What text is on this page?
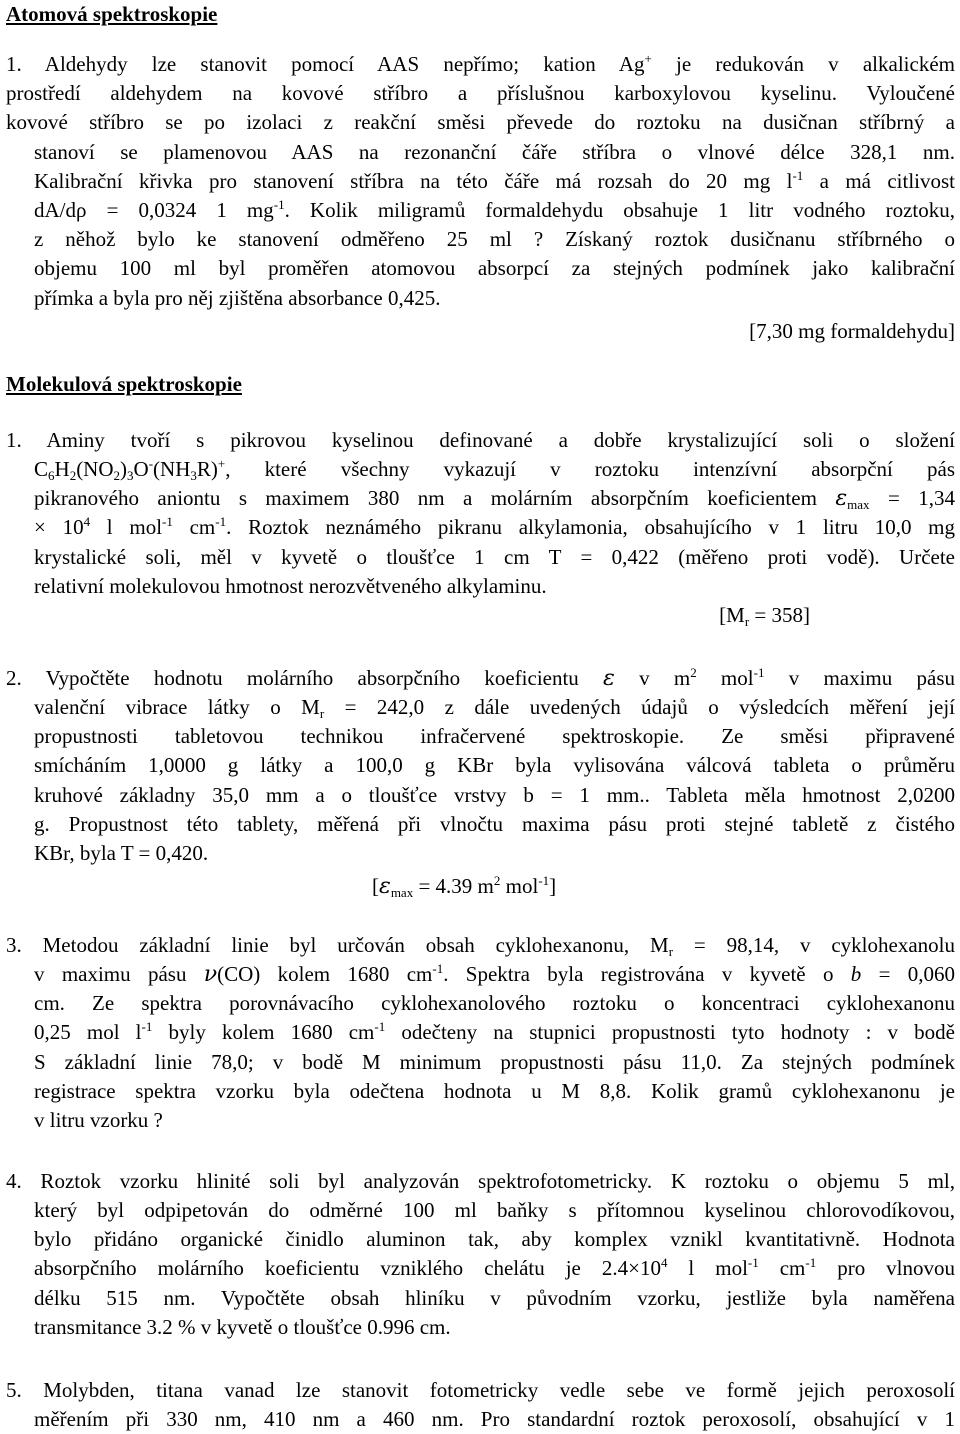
Atomová spektroskopie
1. Aldehydy lze stanovit pomocí AAS nepřímo; kation Ag+ je redukován v alkalickém
prostředí aldehydem na kovové stříbro a příslušnou karboxylovou kyselinu. Vyloučené
kovové stříbro se po izolaci z reakční směsi převede do roztoku na dusičnan stříbrný a
stanoví se plamenovou AAS na rezonanční čáře stříbra o vlnové délce 328,1 nm.
Kalibrační křivka pro stanovení stříbra na této čáře má rozsah do 20 mg $l^{-1}$ a má citlivost
dA/dρ = 0,0324 1 $mg^{-1}$. Kolik miligramů formaldehydu obsahuje 1 litr vodného roztoku,
z něhož bylo ke stanovení odměřeno 25 ml ? Získaný roztok dusičnanu stříbrného o
objemu 100 ml byl proměřen atomovou absorpcí za stejných podmínek jako kalibrační
přímka a byla pro něj zjištěna absorbance 0,425.
[7,30 mg formaldehydu]
Molekulová spektroskopie
1. Aminy tvoří s pikrovou kyselinou definované a dobře krystalizující soli o složení
$C_6H_2(NO_2)_3O^-(NH_3R)^+$, které všechny vykazují v roztoku intenzívní absorpční pás
pikranového aniontu s maximem 380 nm a molárním absorpčním koeficientem $\varepsilon_{max} = 1,34$
× $10^4$ l mol$^{-1}$ $cm^{-1}$. Roztok neznámého pikranu alkylamonia, obsahujícího v 1 litru 10,0 mg
krystalické soli, měl v kyvetě o tloušťce 1 cm T = 0,422 (měřeno proti vodě). Určete
relativní molekulovou hmotnost nerozvětveného alkylaminu.
$[M_r = 358]$
2. Vypočtěte hodnotu molárního absorpčního koeficientu ε v $m^2$ mol$^{-1}$ v maximu pásu
valenční vibrace látky o $M_r = 242,0$ z dále uvedených údajů o výsledcích měření její
propustnosti tabletovou technikou infračervené spektroskopie. Ze směsi připravené
smícháním 1,0000 g látky a 100,0 g KBr byla vylisována válcová tableta o průměru
kruhové základny 35,0 mm a o tloušťce vrstvy b = 1 mm.. Tableta měla hmotnost 2,0200
g. Propustnost této tablety, měřená při vlnočtu maxima pásu proti stejné tabletě z čistého
KBr, byla T = 0,420.
[$\varepsilon_{max} = 4.39$ $m^2$ mol$^{-1}$]
3. Metodou základní linie byl určován obsah cyklohexanonu, $M_r = 98,14$, v cyklohexanolu
v maximu pásu ν(CO) kolem 1680 $cm^{-1}$. Spektra byla registrována v kyvetě o b = 0,060
cm. Ze spektra porovnávacího cyklohexanolového roztoku o koncentraci cyklohexanonu
0,25 mol $l^{-1}$ byly kolem 1680 $cm^{-1}$ odečteny na stupnici propustnosti tyto hodnoty : v bodě
S základní linie 78,0; v bodě M minimum propustnosti pásu 11,0. Za stejných podmínek
registrace spektra vzorku byla odečtena hodnota u M 8,8. Kolik gramů cyklohexanonu je
v litru vzorku ?
4. Roztok vzorku hlinité soli byl analyzován spektrofotometricky. K roztoku o objemu 5 ml,
který byl odpipetován do odměrné 100 ml baňky s přítomnou kyselinou chlorovodíkovou,
bylo přidáno organické činidlo aluminon tak, aby komplex vznikl kvantitativně. Hodnota
absorpčního molárního koeficientu vzniklého chelátu je $2.4\times 10^4$ l mol$^{-1}$ $cm^{-1}$ pro vlnovou
délku 515 nm. Vypočtěte obsah hliníku v původním vzorku, jestliže byla naměřena
transmitance 3.2 % v kyvetě o tloušťce 0.996 cm.
5. Molybden, titana vanad lze stanovit fotometricky vedle sebe ve formě jejich peroxosolí
měřením při 330 nm, 410 nm a 460 nm. Pro standardní roztok peroxosolí, obsahující v 1
